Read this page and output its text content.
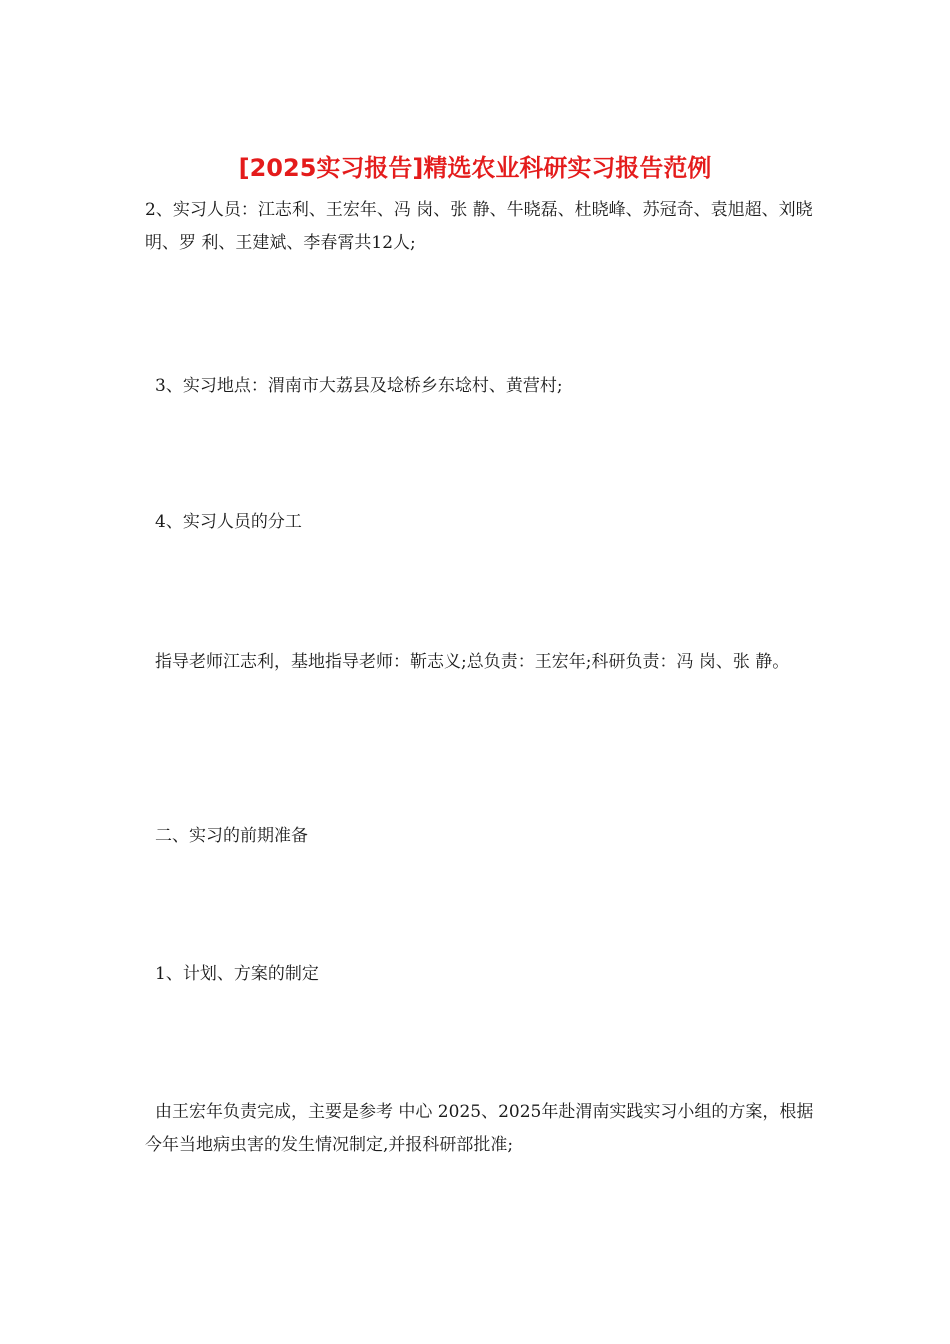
[2025实习报告]精选农业科研实习报告范例

2、实习人员：江志利、王宏年、冯 岗、张 静、牛晓磊、杜晓峰、苏冠奇、袁旭超、刘晓明、罗 利、王建斌、李春霄共12人;

3、实习地点：渭南市大荔县及埝桥乡东埝村、黄营村;

4、实习人员的分工

指导老师江志利，基地指导老师：靳志义;总负责：王宏年;科研负责：冯 岗、张 静。

二、实习的前期准备

1、计划、方案的制定

由王宏年负责完成，主要是参考 中心 2025、2025年赴渭南实践实习小组的方案，根据今年当地病虫害的发生情况制定,并报科研部批准;
